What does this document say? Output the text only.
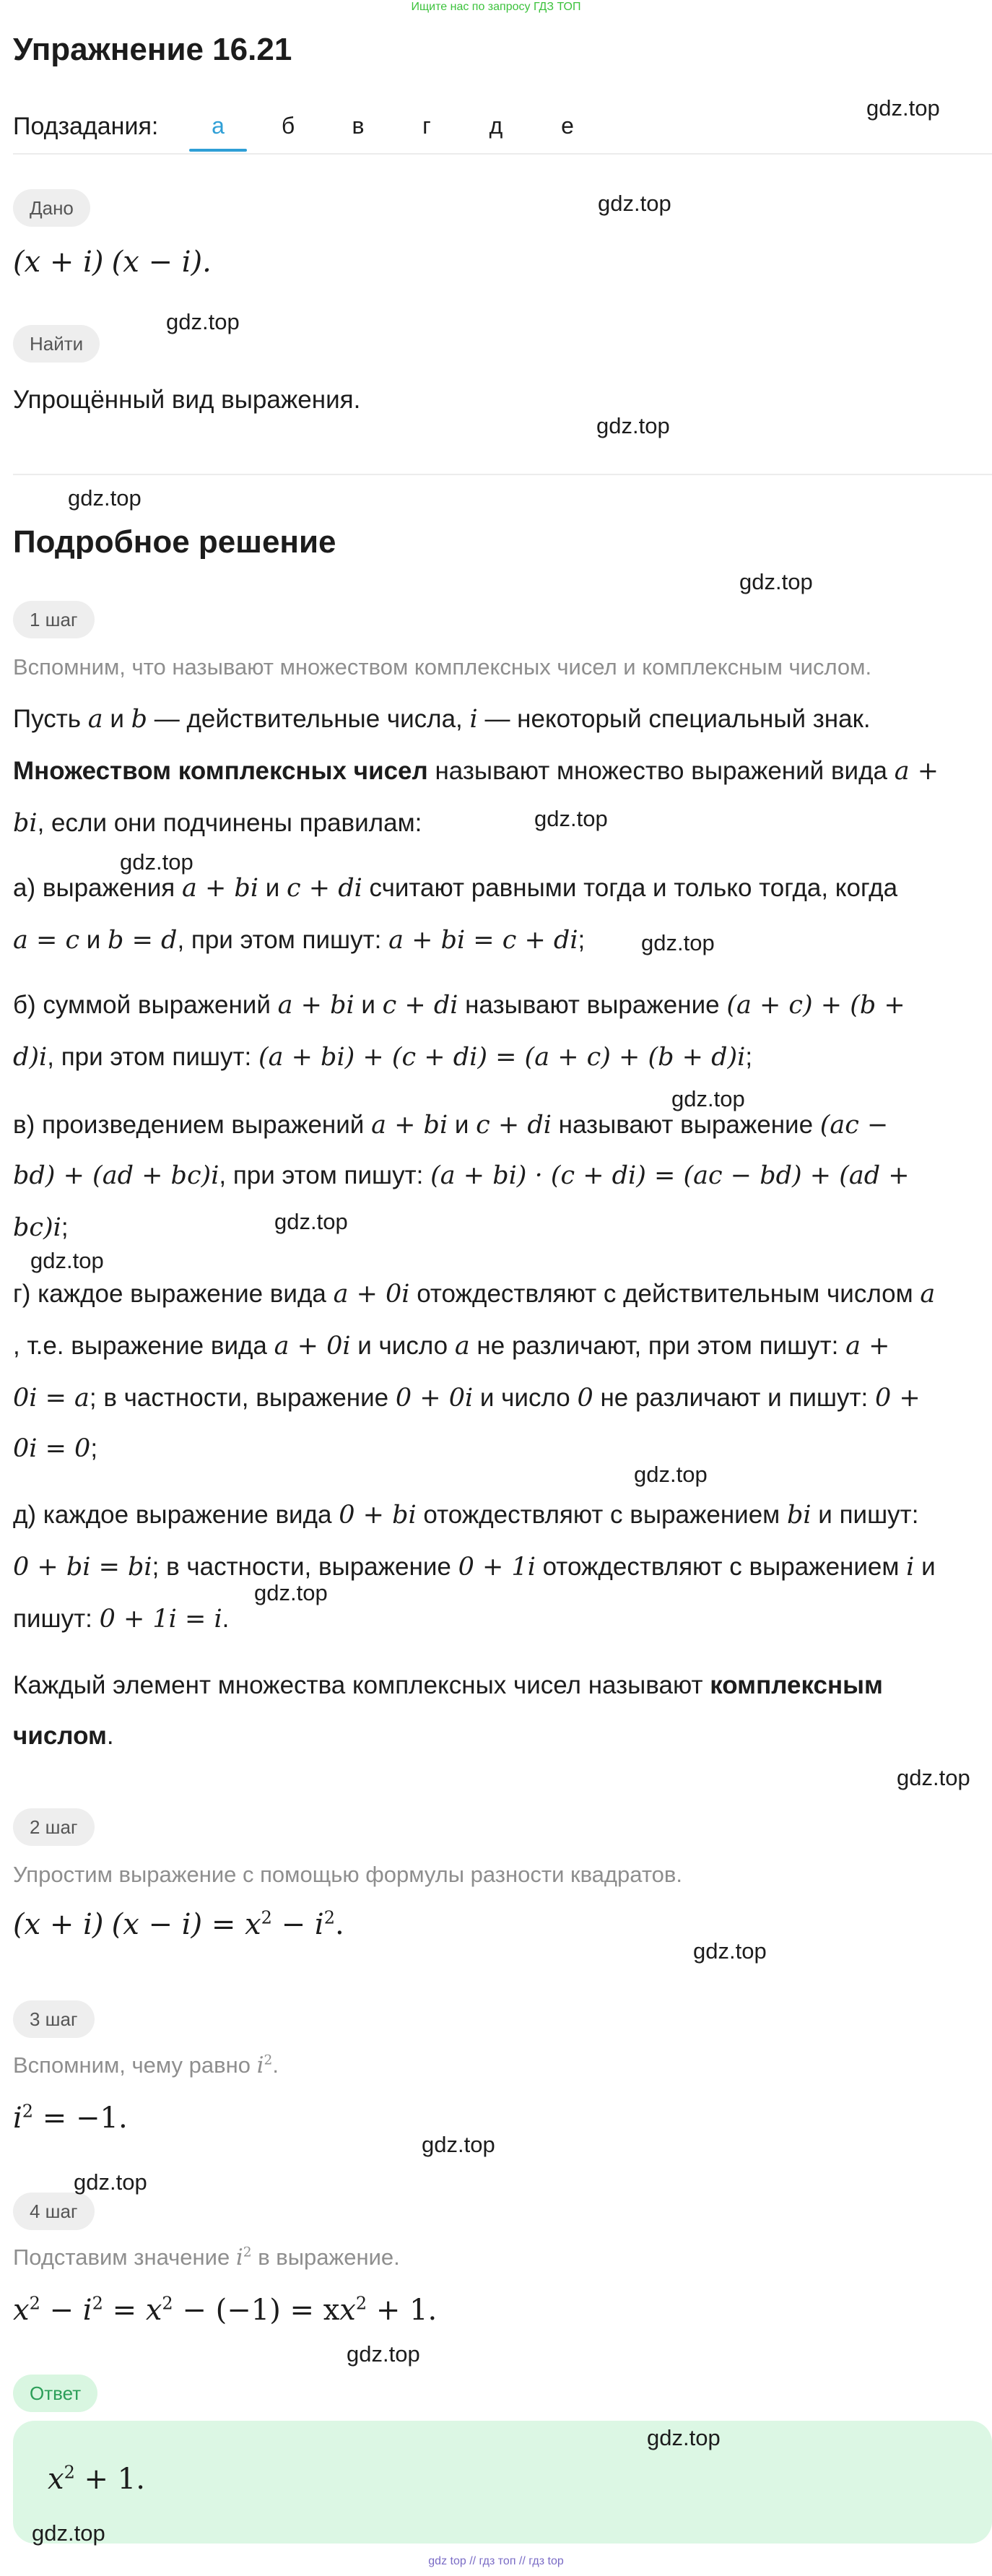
Ищите нас по запросу ГДЗ ТОП
Упражнение 16.21
Подзадания:	а	б	в	г	д	е
Дано
(x + i) (x − i).
Найти
Упрощённый вид выражения.
Подробное решение
1 шаг
Вспомним, что называют множеством комплексных чисел и комплексным числом.
Пусть a и b — действительные числа, i — некоторый специальный знак.
Множеством комплексных чисел называют множество выражений вида a +
bi, если они подчинены правилам:
а) выражения a + bi и c + di считают равными тогда и только тогда, когда
a = c и b = d, при этом пишут: a + bi = c + di;
б) суммой выражений a + bi и c + di называют выражение (a + c) + (b +
d)i, при этом пишут: (a + bi) + (c + di) = (a + c) + (b + d)i;
в) произведением выражений a + bi и c + di называют выражение (ac −
bd) + (ad + bc)i, при этом пишут: (a + bi) · (c + di) = (ac − bd) + (ad +
bc)i;
г) каждое выражение вида a + 0i отождествляют с действительным числом a
, т.е. выражение вида a + 0i и число a не различают, при этом пишут: a +
0i = a; в частности, выражение 0 + 0i и число 0 не различают и пишут: 0 +
0i = 0;
д) каждое выражение вида 0 + bi отождествляют с выражением bi и пишут:
0 + bi = bi; в частности, выражение 0 + 1i отождествляют с выражением i и
пишут: 0 + 1i = i.
Каждый элемент множества комплексных чисел называют комплексным
числом.
2 шаг
Упростим выражение с помощью формулы разности квадратов.
(x + i) $(x - i) = x^2 - i^2$.
3 шаг
Вспомним, чему равно $i^2$.
$i^2 = -1$.
4 шаг
Подставим значение $i^2$ в выражение.
$x^2 - i^2 = x^2 - (-1) = xx^2 + 1$.
Ответ
$x^2 + 1$.
gdz.top
gdz.top
gdz.top
gdz.top
gdz.top
gdz.top
gdz.top
gdz.top
gdz.top
gdz.top
gdz.top
gdz.top
gdz.top
gdz.top
gdz.top
gdz.top
gdz.top
gdz.top
gdz.top
gdz.top
gdz.top
gdz top // гдз топ // гдз top
